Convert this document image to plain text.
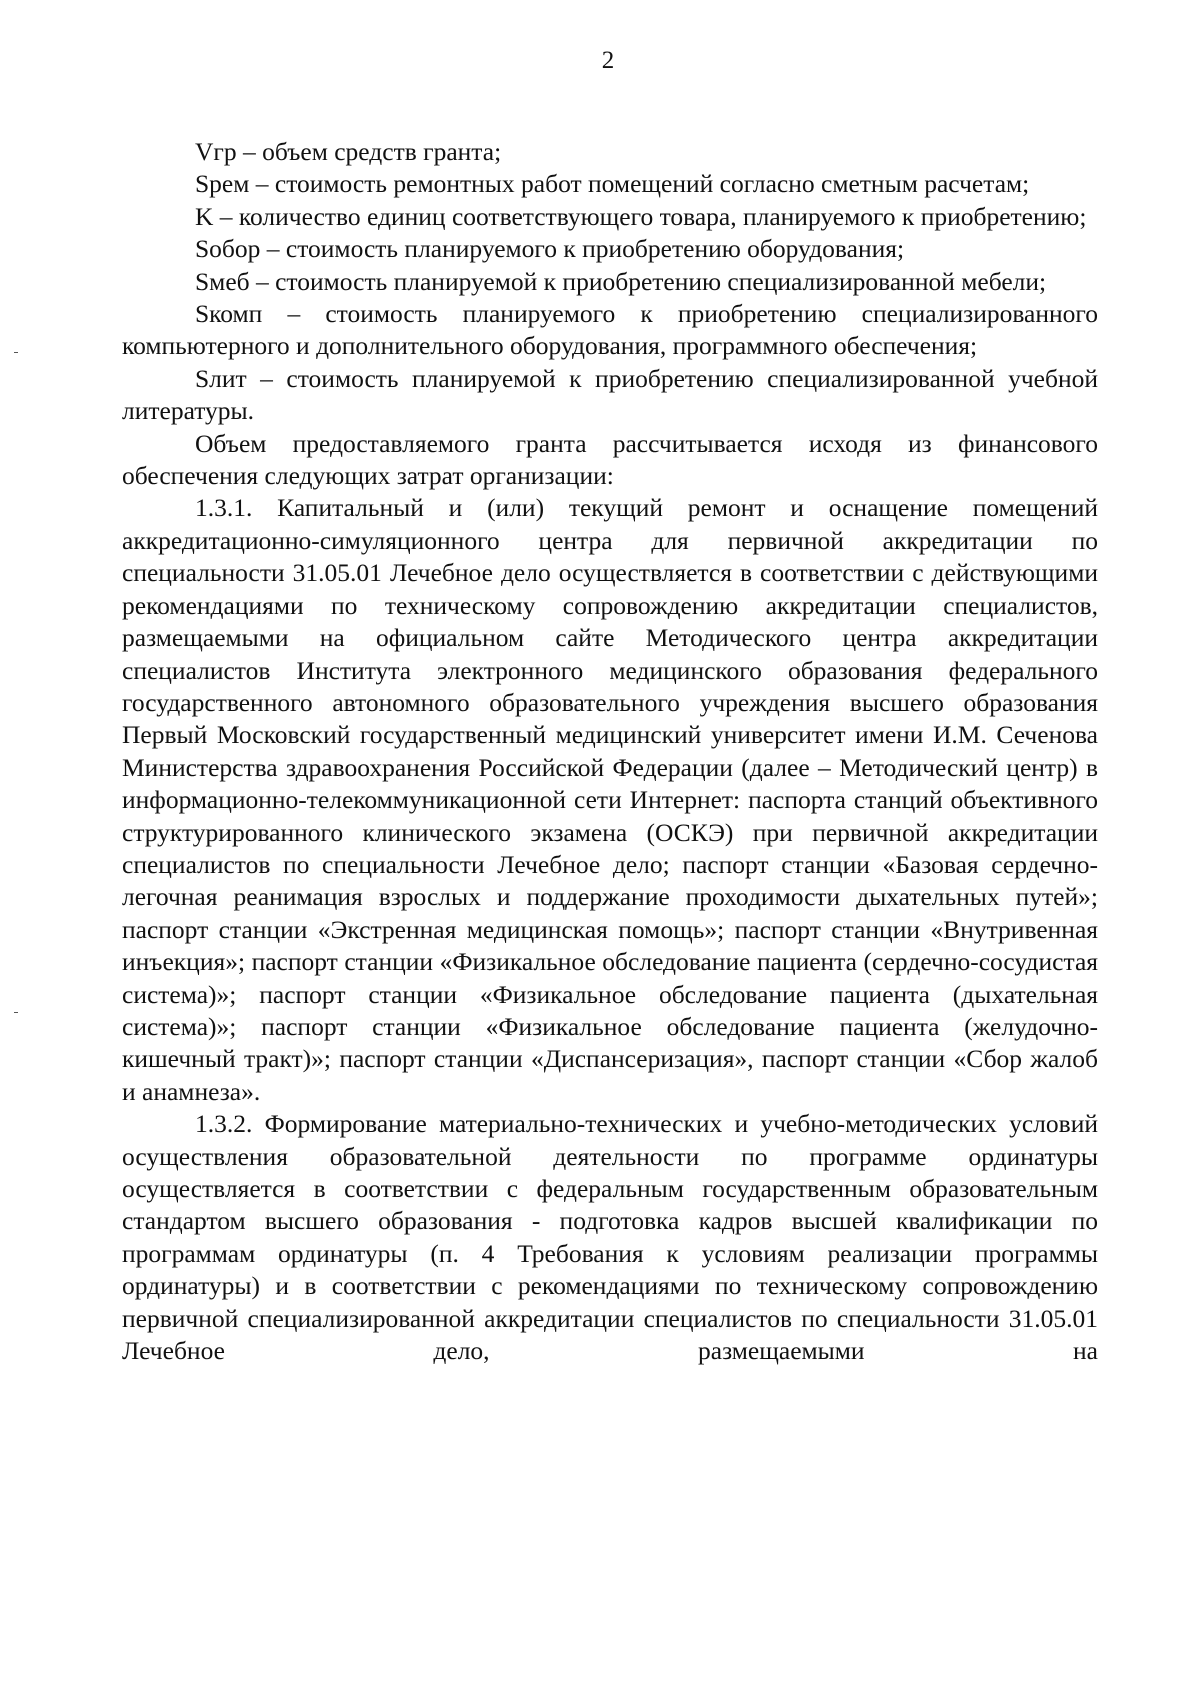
2

Vгр – объем средств гранта;

Sрем – стоимость ремонтных работ помещений согласно сметным расчетам;

K – количество единиц соответствующего товара, планируемого к приобретению;

Sобор – стоимость планируемого к приобретению оборудования;

Sмеб – стоимость планируемой к приобретению специализированной мебели;

Sкомп – стоимость планируемого к приобретению специализированного компьютерного и дополнительного оборудования, программного обеспечения;

Sлит – стоимость планируемой к приобретению специализированной учебной литературы.

Объем предоставляемого гранта рассчитывается исходя из финансового обеспечения следующих затрат организации:

1.3.1. Капитальный и (или) текущий ремонт и оснащение помещений аккредитационно-симуляционного центра для первичной аккредитации по специальности 31.05.01 Лечебное дело осуществляется в соответствии с действующими рекомендациями по техническому сопровождению аккредитации специалистов, размещаемыми на официальном сайте Методического центра аккредитации специалистов Института электронного медицинского образования федерального государственного автономного образовательного учреждения высшего образования Первый Московский государственный медицинский университет имени И.М. Сеченова Министерства здравоохранения Российской Федерации (далее – Методический центр) в информационно-телекоммуникационной сети Интернет: паспорта станций объективного структурированного клинического экзамена (ОСКЭ) при первичной аккредитации специалистов по специальности Лечебное дело; паспорт станции «Базовая сердечно-легочная реанимация взрослых и поддержание проходимости дыхательных путей»; паспорт станции «Экстренная медицинская помощь»; паспорт станции «Внутривенная инъекция»; паспорт станции «Физикальное обследование пациента (сердечно-сосудистая система)»; паспорт станции «Физикальное обследование пациента (дыхательная система)»; паспорт станции «Физикальное обследование пациента (желудочно-кишечный тракт)»; паспорт станции «Диспансеризация», паспорт станции «Сбор жалоб и анамнеза».

1.3.2. Формирование материально-технических и учебно-методических условий осуществления образовательной деятельности по программе ординатуры осуществляется в соответствии с федеральным государственным образовательным стандартом высшего образования - подготовка кадров высшей квалификации по программам ординатуры (п. 4 Требования к условиям реализации программы ординатуры) и в соответствии с рекомендациями по техническому сопровождению первичной специализированной аккредитации специалистов по специальности 31.05.01 Лечебное дело, размещаемыми на
